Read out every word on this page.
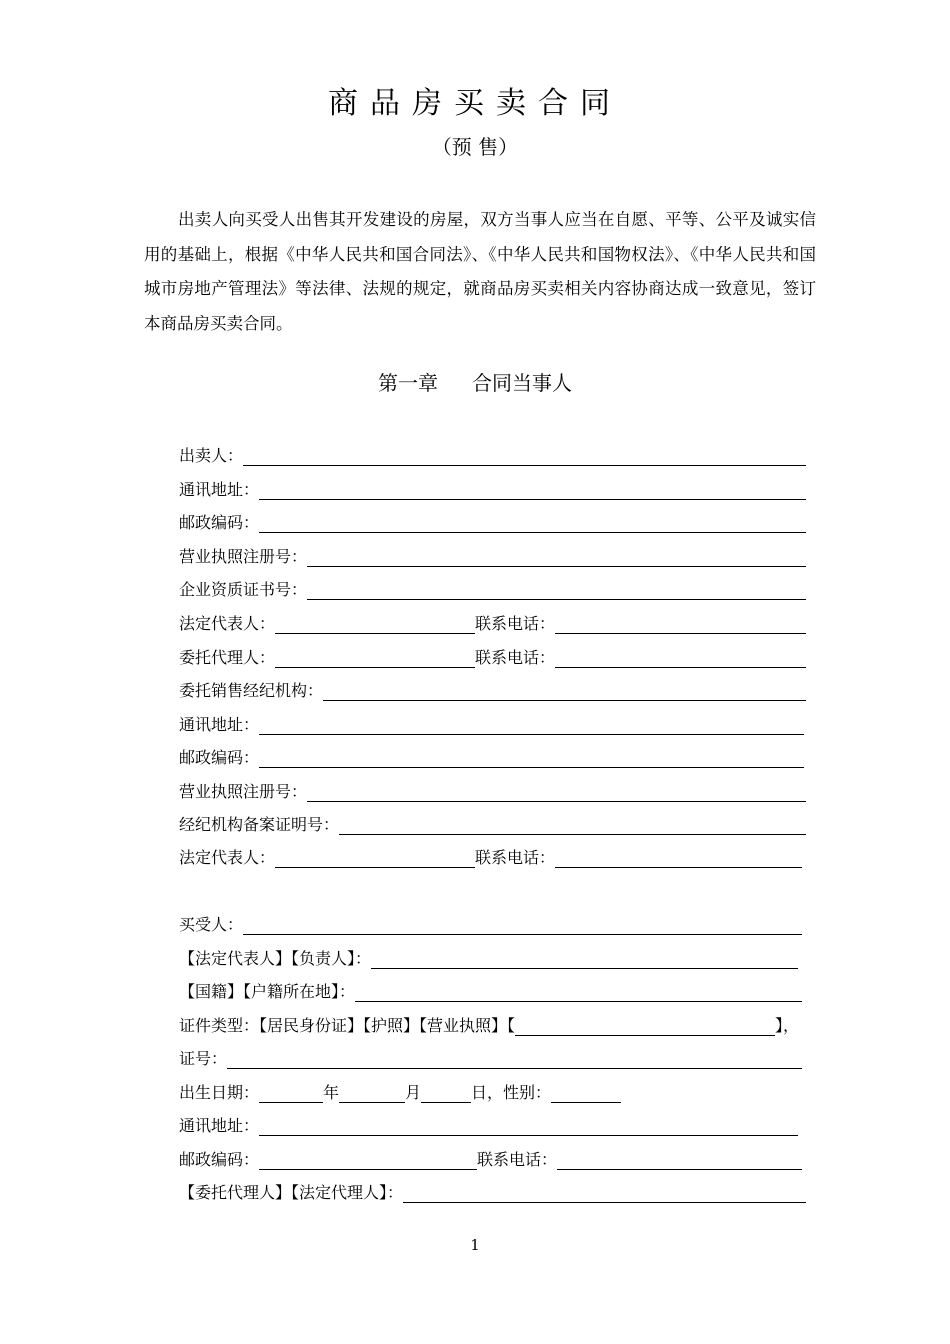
商品房买卖合同
（预 售）

出卖人向买受人出售其开发建设的房屋，双方当事人应当在自愿、平等、公平及诚实信用的基础上，根据《中华人民共和国合同法》、《中华人民共和国物权法》、《中华人民共和国城市房地产管理法》等法律、法规的规定，就商品房买卖相关内容协商达成一致意见，签订本商品房买卖合同。

第一章 合同当事人
出卖人：
通讯地址：
邮政编码：
营业执照注册号：
企业资质证书号：
法定代表人：	联系电话：
委托代理人：	联系电话：
委托销售经纪机构：
通讯地址：
邮政编码：
营业执照注册号：
经纪机构备案证明号：
法定代表人：	联系电话：
买受人：
【法定代表人】【负责人】：
【国籍】【户籍所在地】：
证件类型：【居民身份证】【护照】【营业执照】【	】，
证号：
出生日期：	年	月	日，性别：
通讯地址：
邮政编码：	联系电话：
【委托代理人】【法定代理人】：
1
